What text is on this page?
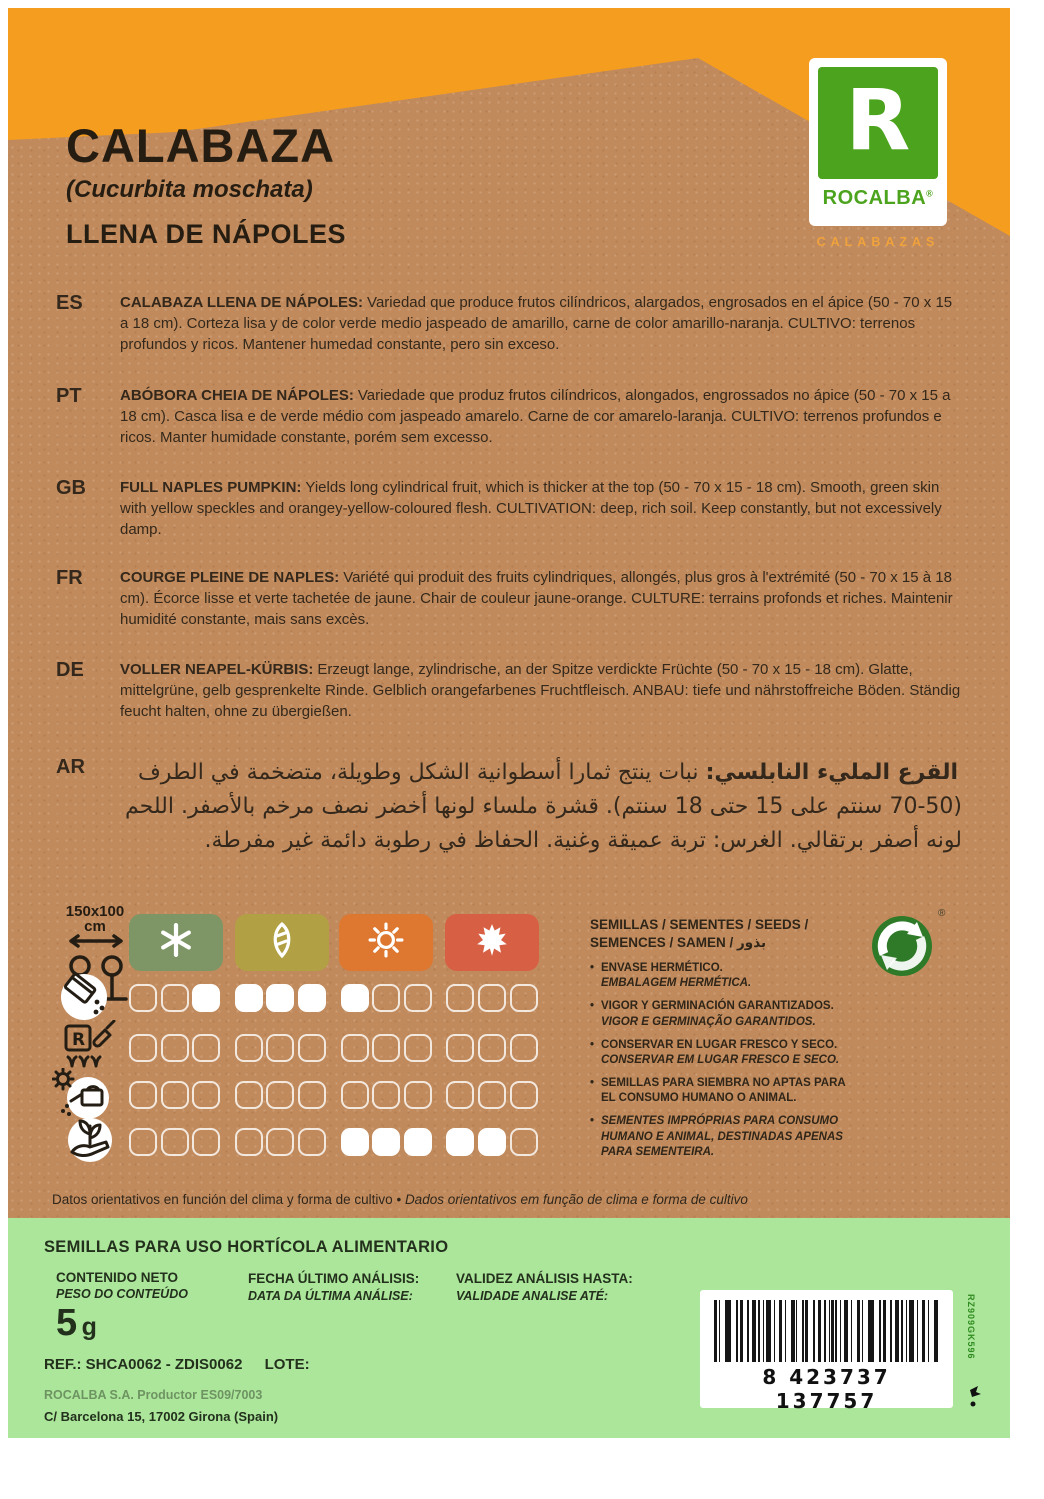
CALABAZA
(Cucurbita moschata)
LLENA DE NÁPOLES
R
ROCALBA®
CALABAZAS
ES	CALABAZA LLENA DE NÁPOLES: Variedad que produce frutos cilíndricos, alargados, engrosados en el ápice (50 - 70 x 15 a 18 cm). Corteza lisa y de color verde medio jaspeado de amarillo, carne de color amarillo-naranja. CULTIVO: terrenos profundos y ricos. Mantener humedad constante, pero sin exceso.

PT	ABÓBORA CHEIA DE NÁPOLES: Variedade que produz frutos cilíndricos, alongados, engrossados no ápice (50 - 70 x 15 a 18 cm). Casca lisa e de verde médio com jaspeado amarelo. Carne de cor amarelo-laranja. CULTIVO: terrenos profundos e ricos. Manter humidade constante, porém sem excesso.

GB	FULL NAPLES PUMPKIN: Yields long cylindrical fruit, which is thicker at the top (50 - 70 x 15 - 18 cm). Smooth, green skin with yellow speckles and orangey-yellow-coloured flesh. CULTIVATION: deep, rich soil. Keep constantly, but not excessively damp.

FR	COURGE PLEINE DE NAPLES: Variété qui produit des fruits cylindriques, allongés, plus gros à l'extrémité (50 - 70 x 15 à 18 cm). Écorce lisse et verte tachetée de jaune. Chair de couleur jaune-orange. CULTURE: terrains profonds et riches. Maintenir humidité constante, mais sans excès.

DE	VOLLER NEAPEL-KÜRBIS: Erzeugt lange, zylindrische, an der Spitze verdickte Früchte (50 - 70 x 15 - 18 cm). Glatte, mittelgrüne, gelb gesprenkelte Rinde. Gelblich orangefarbenes Fruchtfleisch. ANBAU: tiefe und nährstoffreiche Böden. Ständig feucht halten, ohne zu übergießen.

AR	القرع المليء النابلسي: نبات ينتج ثمارا أسطوانية الشكل وطويلة، متضخمة في الطرف (50-70 سنتم على 15 حتى 18 سنتم). قشرة ملساء لونها أخضر نصف مرخم بالأصفر. اللحم لونه أصفر برتقالي. الغرس: تربة عميقة وغنية. الحفاظ في رطوبة دائمة غير مفرطة.

150x100
cm
R
SEMILLAS / SEMENTES / SEEDS /
SEMENCES / SAMEN / بذور
• ENVASE HERMÉTICO.
EMBALAGEM HERMÉTICA.
• VIGOR Y GERMINACIÓN GARANTIZADOS.
VIGOR E GERMINAÇÃO GARANTIDOS.
• CONSERVAR EN LUGAR FRESCO Y SECO.
CONSERVAR EM LUGAR FRESCO E SECO.
• SEMILLAS PARA SIEMBRA NO APTAS PARA EL CONSUMO HUMANO O ANIMAL.
• SEMENTES IMPRÓPRIAS PARA CONSUMO HUMANO E ANIMAL, DESTINADAS APENAS PARA SEMENTEIRA.
®
Datos orientativos en función del clima y forma de cultivo • Dados orientativos em função de clima e forma de cultivo
SEMILLAS PARA USO HORTÍCOLA ALIMENTARIO
CONTENIDO NETO
PESO DO CONTEÚDO
5 g
FECHA ÚLTIMO ANÁLISIS:
DATA DA ÚLTIMA ANÁLISE:
VALIDEZ ANÁLISIS HASTA:
VALIDADE ANALISE ATÉ:
REF.: SHCA0062 - ZDIS0062 LOTE:
ROCALBA S.A. Productor ES09/7003
C/ Barcelona 15, 17002 Girona (Spain)
8 423737 137757
RZ909GK596
